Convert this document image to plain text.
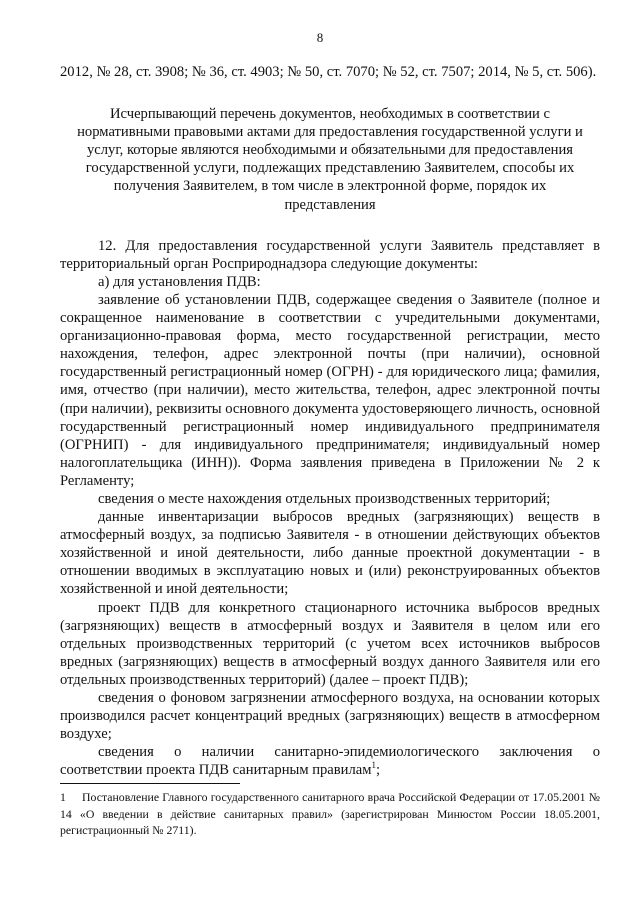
8

2012, № 28, ст. 3908; № 36, ст. 4903; № 50, ст. 7070; № 52, ст. 7507; 2014, № 5, ст. 506).

Исчерпывающий перечень документов, необходимых в соответствии с нормативными правовыми актами для предоставления государственной услуги и услуг, которые являются необходимыми и обязательными для предоставления государственной услуги, подлежащих представлению Заявителем, способы их получения Заявителем, в том числе в электронной форме, порядок их представления

12. Для предоставления государственной услуги Заявитель представляет в территориальный орган Росприроднадзора следующие документы:

а) для установления ПДВ:

заявление об установлении ПДВ, содержащее сведения о Заявителе (полное и сокращенное наименование в соответствии с учредительными документами, организационно-правовая форма, место государственной регистрации, место нахождения, телефон, адрес электронной почты (при наличии), основной государственный регистрационный номер (ОГРН) - для юридического лица; фамилия, имя, отчество (при наличии), место жительства, телефон, адрес электронной почты (при наличии), реквизиты основного документа удостоверяющего личность, основной государственный регистрационный номер индивидуального предпринимателя (ОГРНИП) - для индивидуального предпринимателя; индивидуальный номер налогоплательщика (ИНН)). Форма заявления приведена в Приложении № 2 к Регламенту;

сведения о месте нахождения отдельных производственных территорий;

данные инвентаризации выбросов вредных (загрязняющих) веществ в атмосферный воздух, за подписью Заявителя - в отношении действующих объектов хозяйственной и иной деятельности, либо данные проектной документации - в отношении вводимых в эксплуатацию новых и (или) реконструированных объектов хозяйственной и иной деятельности;

проект ПДВ для конкретного стационарного источника выбросов вредных (загрязняющих) веществ в атмосферный воздух и Заявителя в целом или его отдельных производственных территорий (с учетом всех источников выбросов вредных (загрязняющих) веществ в атмосферный воздух данного Заявителя или его отдельных производственных территорий) (далее – проект ПДВ);

сведения о фоновом загрязнении атмосферного воздуха, на основании которых производился расчет концентраций вредных (загрязняющих) веществ в атмосферном воздухе;

сведения о наличии санитарно-эпидемиологического заключения о соответствии проекта ПДВ санитарным правилам$^1$;

1 Постановление Главного государственного санитарного врача Российской Федерации от 17.05.2001 № 14 «О введении в действие санитарных правил» (зарегистрирован Минюстом России 18.05.2001, регистрационный № 2711).
